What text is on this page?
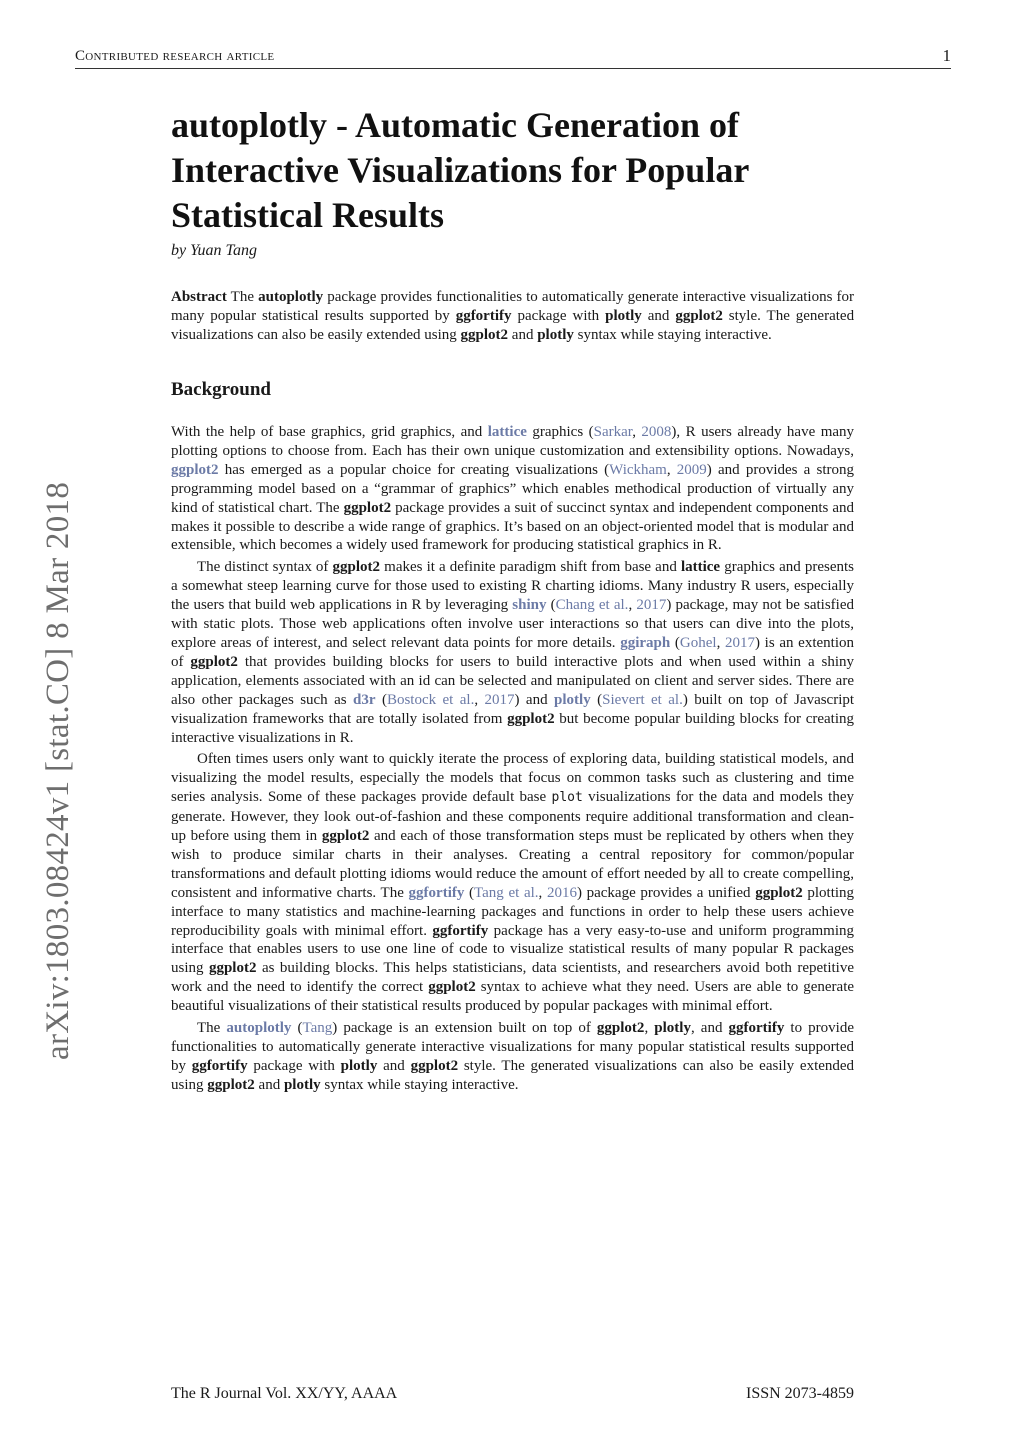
Contributed research article	1
arXiv:1803.08424v1 [stat.CO] 8 Mar 2018
autoplotly - Automatic Generation of Interactive Visualizations for Popular Statistical Results
by Yuan Tang
Abstract The autoplotly package provides functionalities to automatically generate interactive visualizations for many popular statistical results supported by ggfortify package with plotly and ggplot2 style. The generated visualizations can also be easily extended using ggplot2 and plotly syntax while staying interactive.
Background

With the help of base graphics, grid graphics, and lattice graphics (Sarkar, 2008), R users already have many plotting options to choose from. Each has their own unique customization and extensibility options. Nowadays, ggplot2 has emerged as a popular choice for creating visualizations (Wickham, 2009) and provides a strong programming model based on a “grammar of graphics” which enables methodical production of virtually any kind of statistical chart. The ggplot2 package provides a suit of succinct syntax and independent components and makes it possible to describe a wide range of graphics. It’s based on an object-oriented model that is modular and extensible, which becomes a widely used framework for producing statistical graphics in R.

The distinct syntax of ggplot2 makes it a definite paradigm shift from base and lattice graphics and presents a somewhat steep learning curve for those used to existing R charting idioms. Many industry R users, especially the users that build web applications in R by leveraging shiny (Chang et al., 2017) package, may not be satisfied with static plots. Those web applications often involve user interactions so that users can dive into the plots, explore areas of interest, and select relevant data points for more details. ggiraph (Gohel, 2017) is an extention of ggplot2 that provides building blocks for users to build interactive plots and when used within a shiny application, elements associated with an id can be selected and manipulated on client and server sides. There are also other packages such as d3r (Bostock et al., 2017) and plotly (Sievert et al.) built on top of Javascript visualization frameworks that are totally isolated from ggplot2 but become popular building blocks for creating interactive visualizations in R.

Often times users only want to quickly iterate the process of exploring data, building statistical models, and visualizing the model results, especially the models that focus on common tasks such as clustering and time series analysis. Some of these packages provide default base plot visualizations for the data and models they generate. However, they look out-of-fashion and these components require additional transformation and clean-up before using them in ggplot2 and each of those transformation steps must be replicated by others when they wish to produce similar charts in their analyses. Creating a central repository for common/popular transformations and default plotting idioms would reduce the amount of effort needed by all to create compelling, consistent and informative charts. The ggfortify (Tang et al., 2016) package provides a unified ggplot2 plotting interface to many statistics and machine-learning packages and functions in order to help these users achieve reproducibility goals with minimal effort. ggfortify package has a very easy-to-use and uniform programming interface that enables users to use one line of code to visualize statistical results of many popular R packages using ggplot2 as building blocks. This helps statisticians, data scientists, and researchers avoid both repetitive work and the need to identify the correct ggplot2 syntax to achieve what they need. Users are able to generate beautiful visualizations of their statistical results produced by popular packages with minimal effort.

The autoplotly (Tang) package is an extension built on top of ggplot2, plotly, and ggfortify to provide functionalities to automatically generate interactive visualizations for many popular statistical results supported by ggfortify package with plotly and ggplot2 style. The generated visualizations can also be easily extended using ggplot2 and plotly syntax while staying interactive.

The R Journal Vol. XX/YY, AAAA	ISSN 2073-4859
